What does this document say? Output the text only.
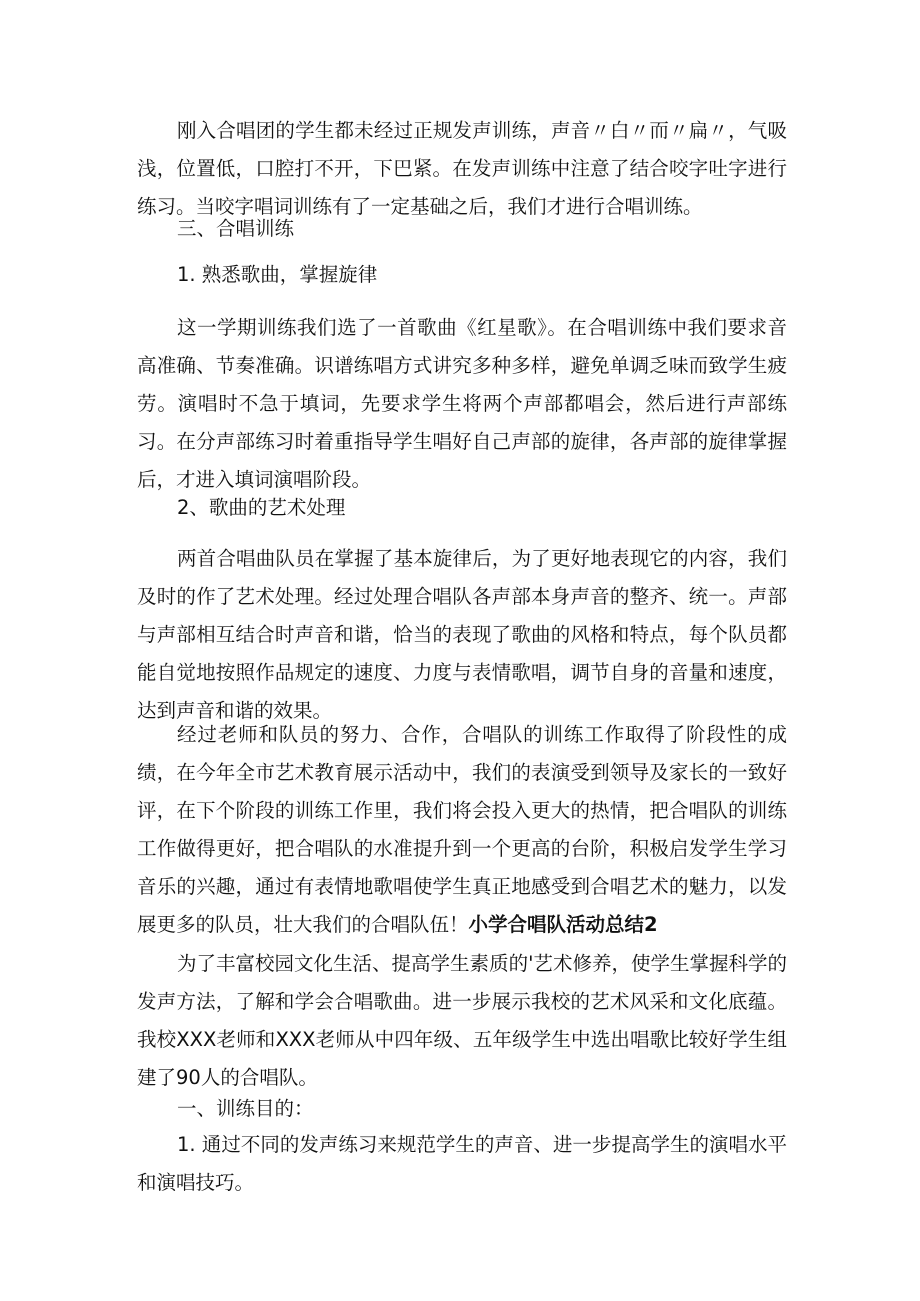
刚入合唱团的学生都未经过正规发声训练，声音〃白〃而〃扁〃，气吸浅，位置低，口腔打不开，下巴紧。在发声训练中注意了结合咬字吐字进行练习。当咬字唱词训练有了一定基础之后，我们才进行合唱训练。
三、合唱训练
1. 熟悉歌曲，掌握旋律
这一学期训练我们选了一首歌曲《红星歌》。在合唱训练中我们要求音高准确、节奏准确。识谱练唱方式讲究多种多样，避免单调乏味而致学生疲劳。演唱时不急于填词，先要求学生将两个声部都唱会，然后进行声部练习。在分声部练习时着重指导学生唱好自己声部的旋律，各声部的旋律掌握后，才进入填词演唱阶段。
2、歌曲的艺术处理
两首合唱曲队员在掌握了基本旋律后，为了更好地表现它的内容，我们及时的作了艺术处理。经过处理合唱队各声部本身声音的整齐、统一。声部与声部相互结合时声音和谐，恰当的表现了歌曲的风格和特点，每个队员都能自觉地按照作品规定的速度、力度与表情歌唱，调节自身的音量和速度，达到声音和谐的效果。
经过老师和队员的努力、合作，合唱队的训练工作取得了阶段性的成绩，在今年全市艺术教育展示活动中，我们的表演受到领导及家长的一致好评，在下个阶段的训练工作里，我们将会投入更大的热情，把合唱队的训练工作做得更好，把合唱队的水准提升到一个更高的台阶，积极启发学生学习音乐的兴趣，通过有表情地歌唱使学生真正地感受到合唱艺术的魅力，以发展更多的队员，壮大我们的合唱队伍！小学合唱队活动总结2
为了丰富校园文化生活、提高学生素质的'艺术修养，使学生掌握科学的发声方法，了解和学会合唱歌曲。进一步展示我校的艺术风采和文化底蕴。我校XXX老师和XXX老师从中四年级、五年级学生中选出唱歌比较好学生组建了90人的合唱队。
一、训练目的：
1. 通过不同的发声练习来规范学生的声音、进一步提高学生的演唱水平和演唱技巧。
